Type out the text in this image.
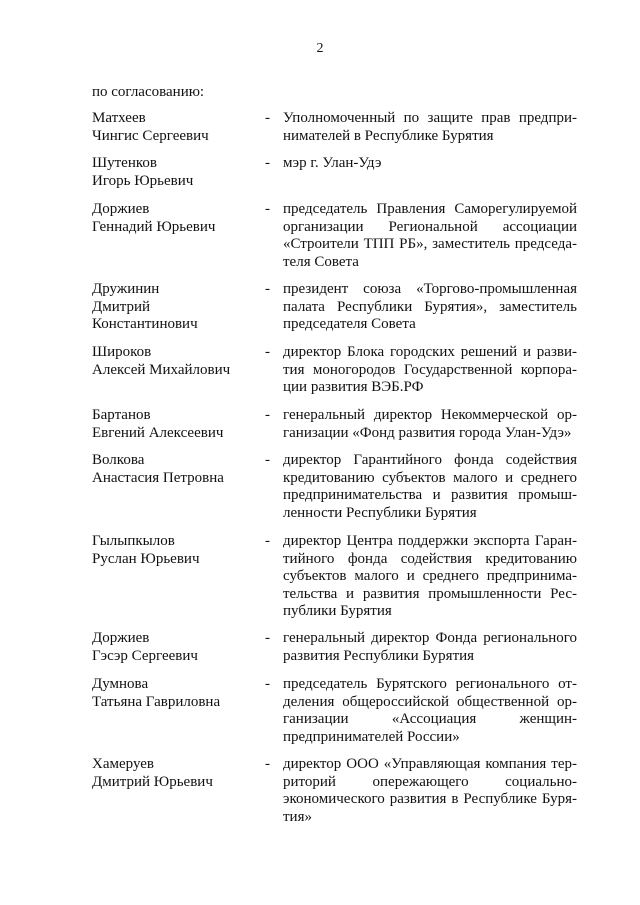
2
по согласованию:
Матхеев
Чингис Сергеевич
- Уполномоченный по защите прав предпринимателей в Республике Бурятия
Шутенков
Игорь Юрьевич
- мэр г. Улан-Удэ
Доржиев
Геннадий Юрьевич
- председатель Правления Саморегулируемой организации Региональной ассоциации «Строители ТПП РБ», заместитель председателя Совета
Дружинин
Дмитрий
Константинович
- президент союза «Торгово-промышленная палата Республики Бурятия», заместитель председателя Совета
Широков
Алексей Михайлович
- директор Блока городских решений и развития моногородов Государственной корпорации развития ВЭБ.РФ
Бартанов
Евгений Алексеевич
- генеральный директор Некоммерческой организации «Фонд развития города Улан-Удэ»
Волкова
Анастасия Петровна
- директор Гарантийного фонда содействия кредитованию субъектов малого и среднего предпринимательства и развития промышленности Республики Бурятия
Гылыпкылов
Руслан Юрьевич
- директор Центра поддержки экспорта Гарантийного фонда содействия кредитованию субъектов малого и среднего предпринимательства и развития промышленности Республики Бурятия
Доржиев
Гэсэр Сергеевич
- генеральный директор Фонда регионального развития Республики Бурятия
Думнова
Татьяна Гавриловна
- председатель Бурятского регионального отделения общероссийской общественной организации «Ассоциация женщин-предпринимателей России»
Хамеруев
Дмитрий Юрьевич
- директор ООО «Управляющая компания территорий опережающего социально-экономического развития в Республике Бурятия»
